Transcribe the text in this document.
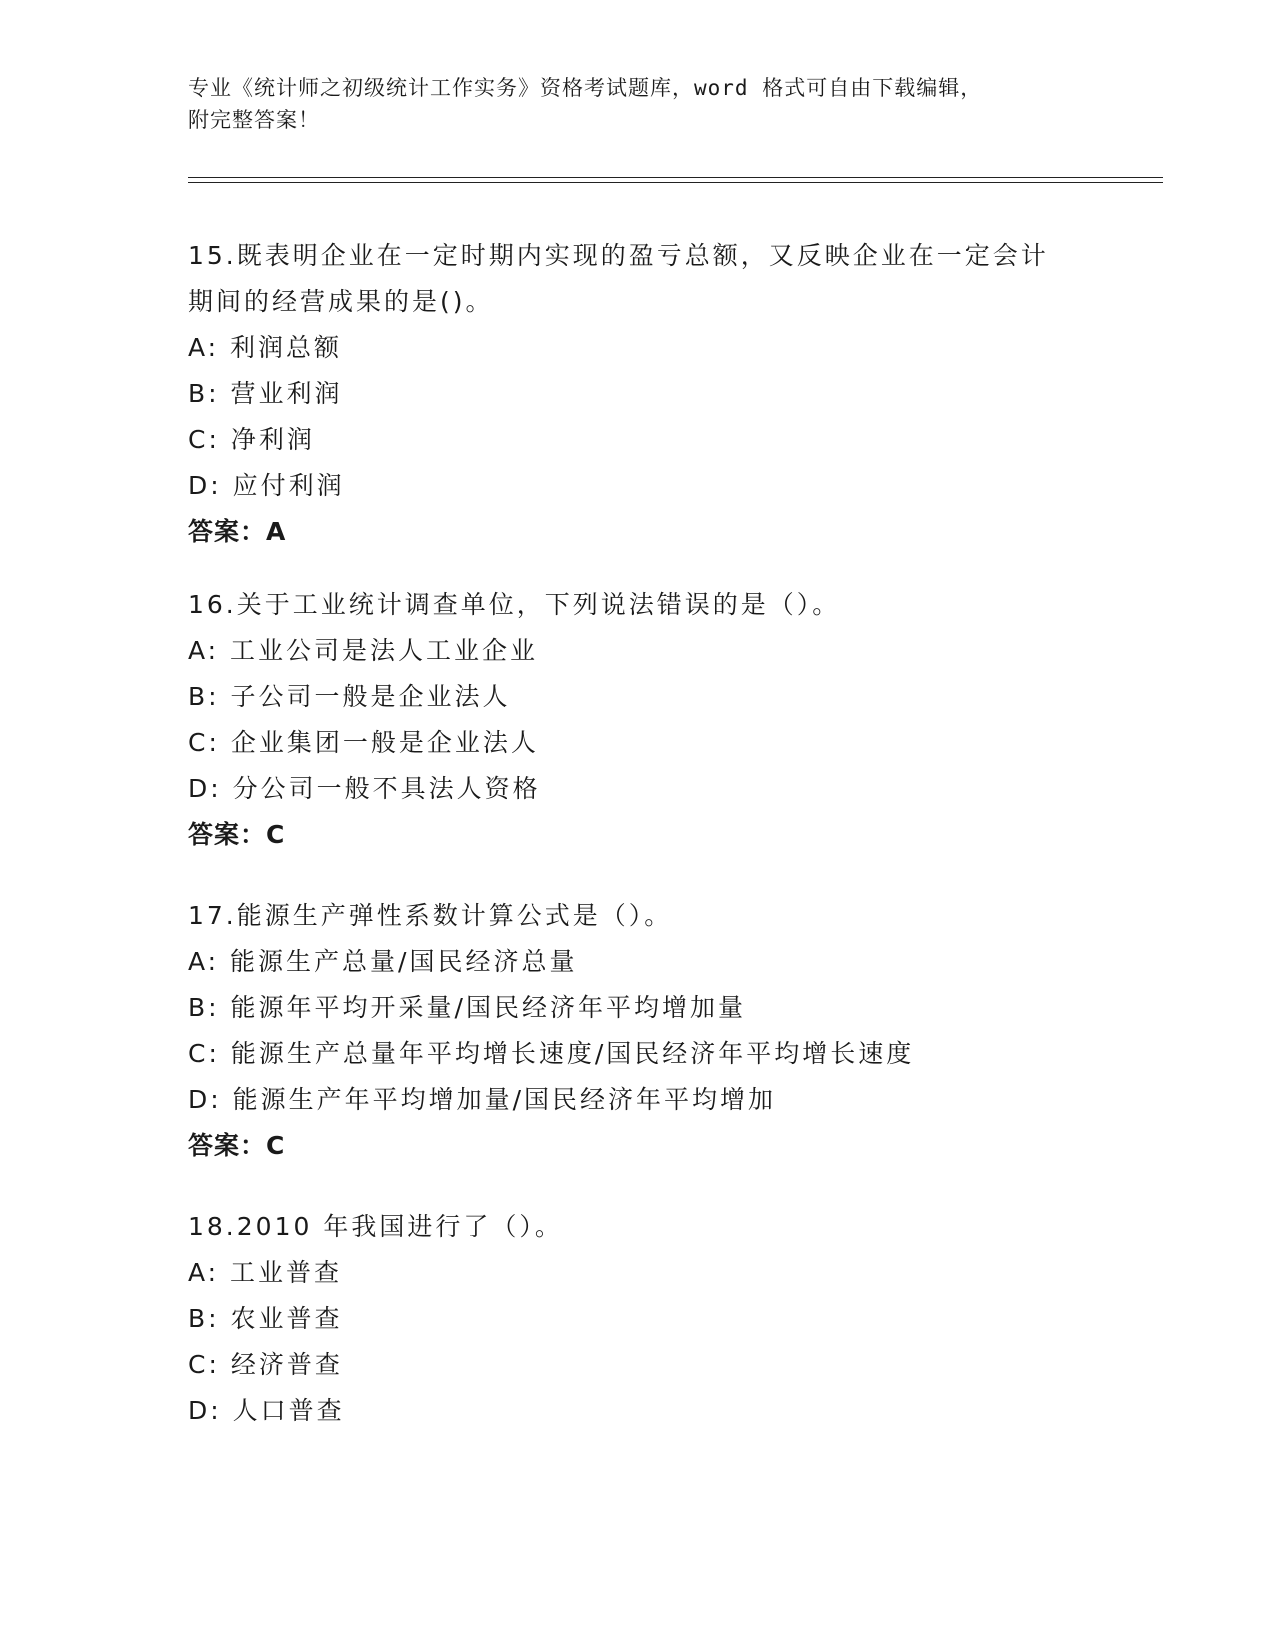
专业《统计师之初级统计工作实务》资格考试题库，word 格式可自由下载编辑，
附完整答案！
15.既表明企业在一定时期内实现的盈亏总额，又反映企业在一定会计
期间的经营成果的是()。
A: 利润总额
B: 营业利润
C: 净利润
D: 应付利润
答案：A
16.关于工业统计调查单位，下列说法错误的是（）。
A: 工业公司是法人工业企业
B: 子公司一般是企业法人
C: 企业集团一般是企业法人
D: 分公司一般不具法人资格
答案：C
17.能源生产弹性系数计算公式是（）。
A: 能源生产总量/国民经济总量
B: 能源年平均开采量/国民经济年平均增加量
C: 能源生产总量年平均增长速度/国民经济年平均增长速度
D: 能源生产年平均增加量/国民经济年平均增加
答案：C
18.2010 年我国进行了（）。
A: 工业普查
B: 农业普查
C: 经济普查
D: 人口普查
